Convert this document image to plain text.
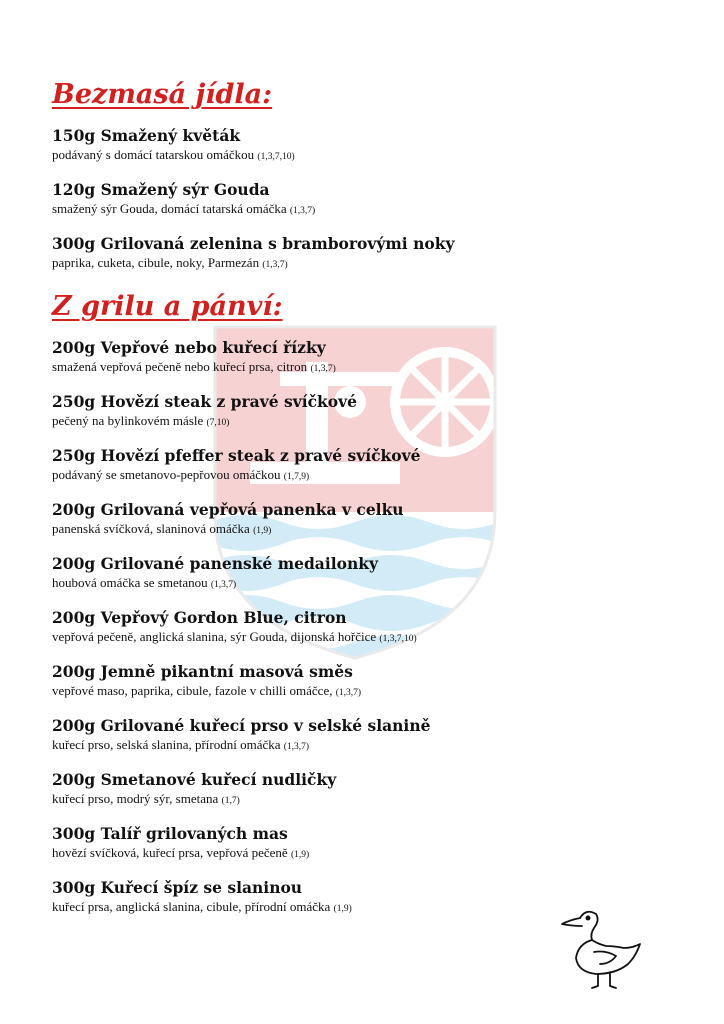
Bezmasá jídla:

150g Smažený květák

podávaný s domácí tatarskou omáčkou (1,3,7,10)

120g Smažený sýr Gouda

smažený sýr Gouda, domácí tatarská omáčka (1,3,7)

300g Grilovaná zelenina s bramborovými noky

paprika, cuketa, cibule, noky, Parmezán (1,3,7)

Z grilu a pánví:

200g Vepřové nebo kuřecí řízky

smažená vepřová pečeně nebo kuřecí prsa, citron (1,3,7)

250g Hovězí steak z pravé svíčkové

pečený na bylinkovém másle (7,10)

250g Hovězí pfeffer steak z pravé svíčkové

podávaný se smetanovo-pepřovou omáčkou (1,7,9)

200g Grilovaná vepřová panenka v celku

panenská svíčková, slaninová omáčka (1,9)

200g Grilované panenské medailonky

houbová omáčka se smetanou (1,3,7)

200g Vepřový Gordon Blue, citron

vepřová pečeně, anglická slanina, sýr Gouda, dijonská hořčice (1,3,7,10)

200g Jemně pikantní masová směs

vepřové maso, paprika, cibule, fazole v chilli omáčce, (1,3,7)

200g Grilované kuřecí prso v selské slanině

kuřecí prso, selská slanina, přírodní omáčka (1,3,7)

200g Smetanové kuřecí nudličky

kuřecí prso, modrý sýr, smetana (1,7)

300g Talíř grilovaných mas

hovězí svíčková, kuřecí prsa, vepřová pečeně (1,9)

300g Kuřecí špíz se slaninou

kuřecí prsa, anglická slanina, cibule, přírodní omáčka (1,9)
